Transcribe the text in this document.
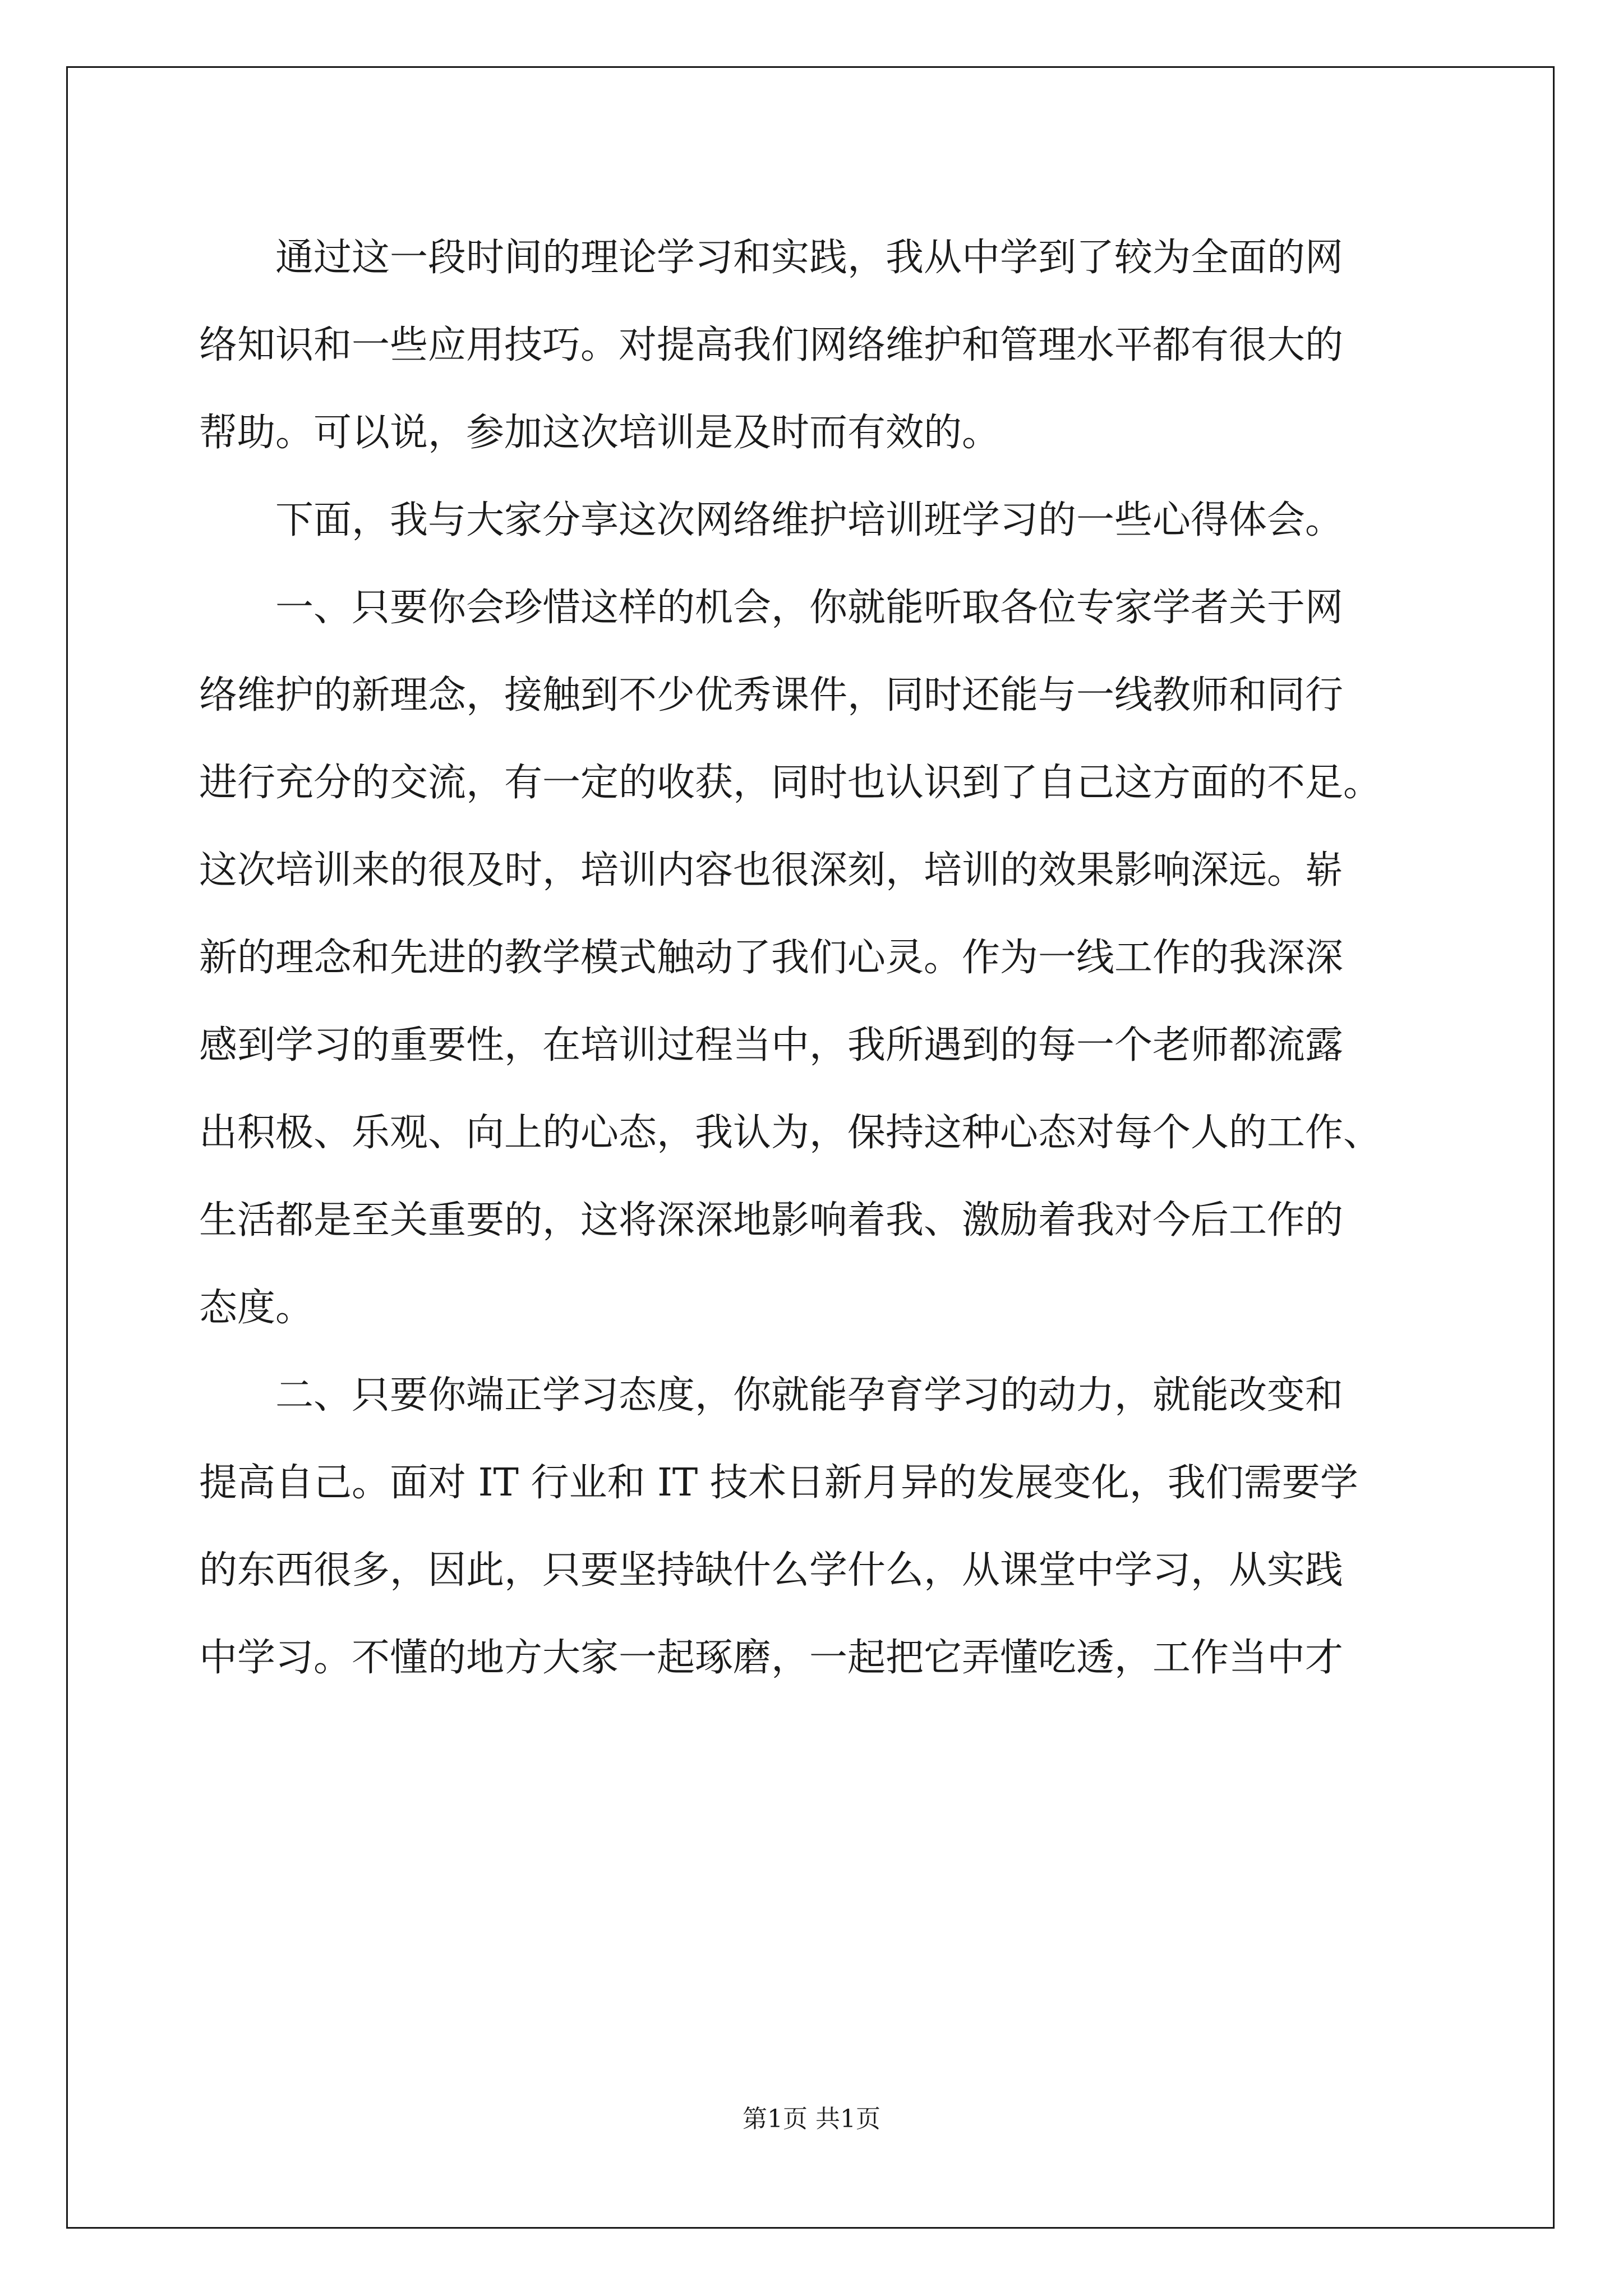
通过这一段时间的理论学习和实践，我从中学到了较为全面的网
络知识和一些应用技巧。对提高我们网络维护和管理水平都有很大的
帮助。可以说，参加这次培训是及时而有效的。

下面，我与大家分享这次网络维护培训班学习的一些心得体会。

一、只要你会珍惜这样的机会，你就能听取各位专家学者关于网
络维护的新理念，接触到不少优秀课件，同时还能与一线教师和同行
进行充分的交流，有一定的收获，同时也认识到了自己这方面的不足。
这次培训来的很及时，培训内容也很深刻，培训的效果影响深远。崭
新的理念和先进的教学模式触动了我们心灵。作为一线工作的我深深
感到学习的重要性，在培训过程当中，我所遇到的每一个老师都流露
出积极、乐观、向上的心态，我认为，保持这种心态对每个人的工作、
生活都是至关重要的，这将深深地影响着我、激励着我对今后工作的
态度。

二、只要你端正学习态度，你就能孕育学习的动力，就能改变和
提高自己。面对 IT 行业和 IT 技术日新月异的发展变化，我们需要学
的东西很多，因此，只要坚持缺什么学什么，从课堂中学习，从实践
中学习。不懂的地方大家一起琢磨，一起把它弄懂吃透，工作当中才

第1页 共1页
